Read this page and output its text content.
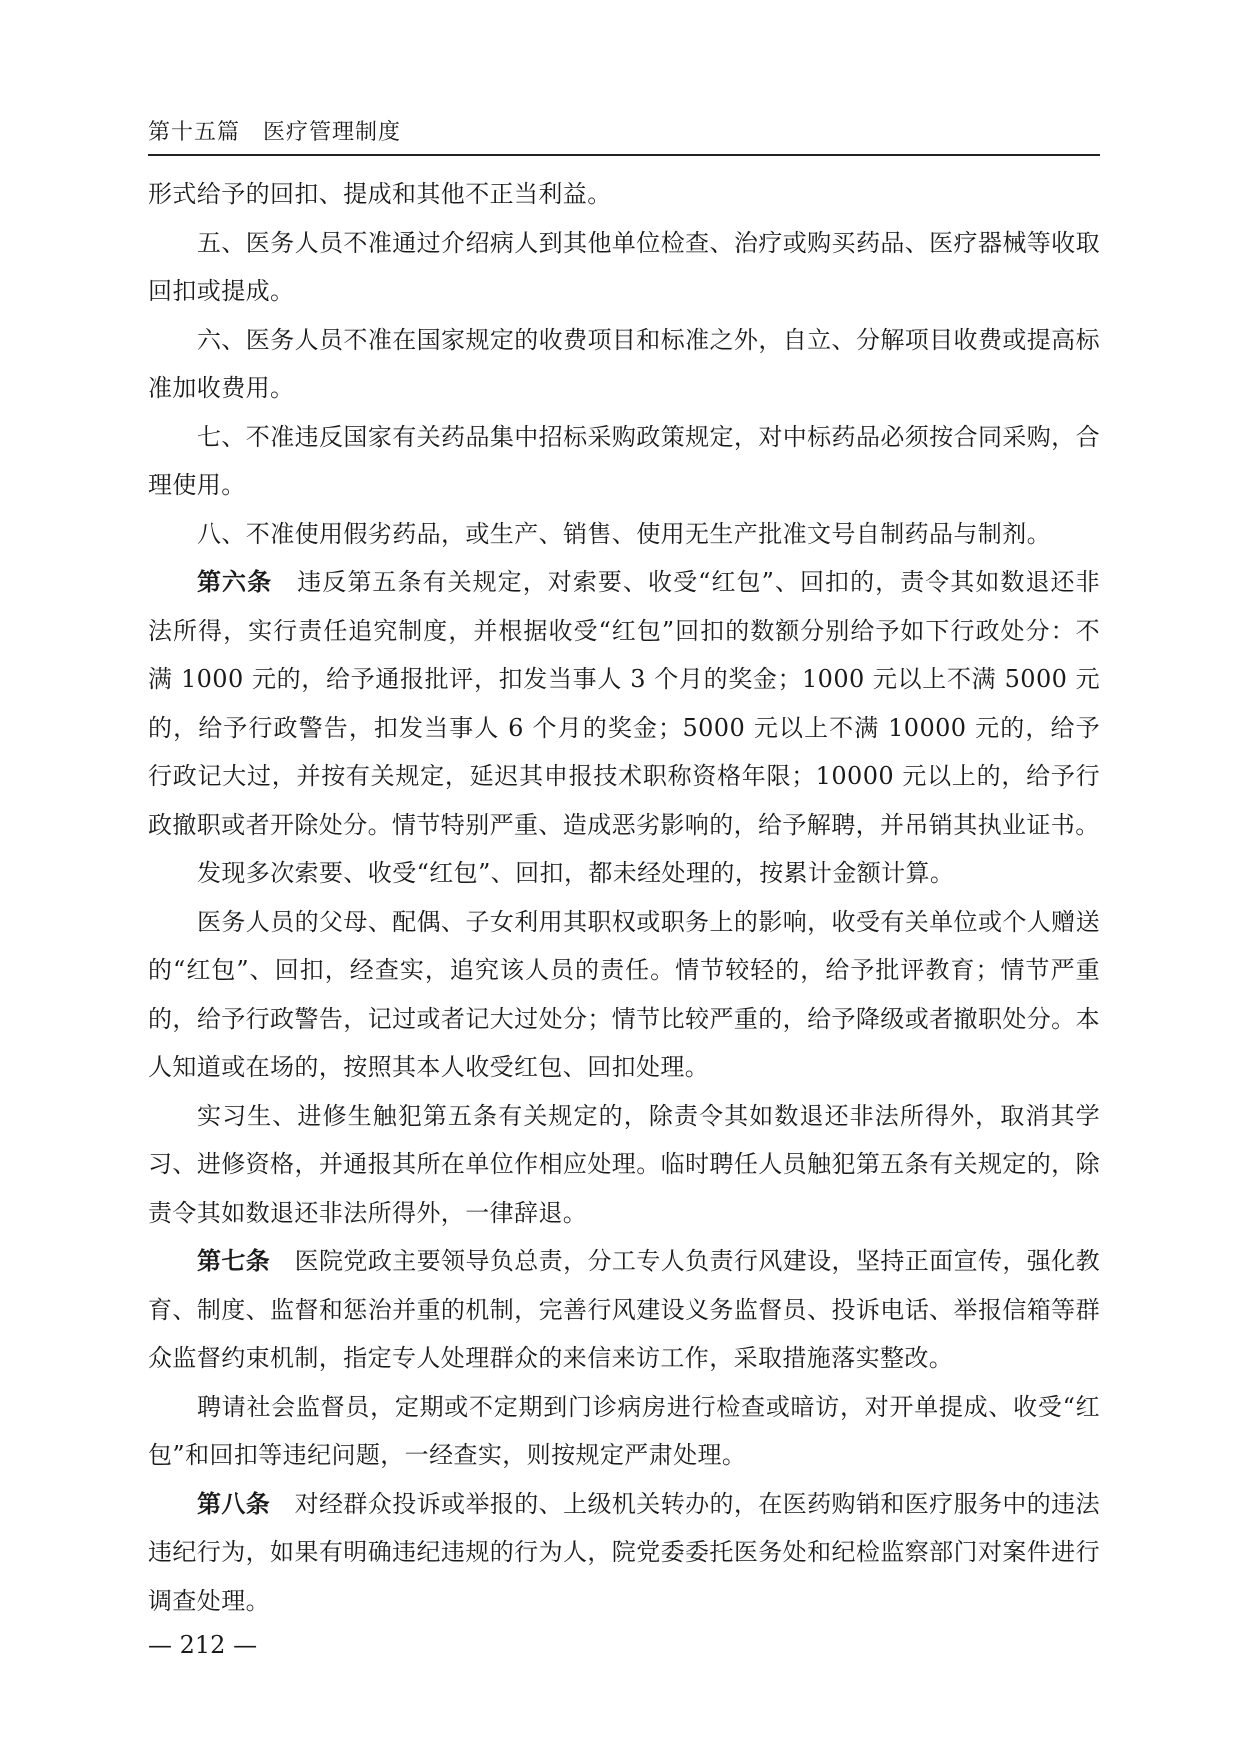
第十五篇　医疗管理制度

形式给予的回扣、提成和其他不正当利益。

五、医务人员不准通过介绍病人到其他单位检查、治疗或购买药品、医疗器械等收取回扣或提成。

六、医务人员不准在国家规定的收费项目和标准之外，自立、分解项目收费或提高标准加收费用。

七、不准违反国家有关药品集中招标采购政策规定，对中标药品必须按合同采购，合理使用。

八、不准使用假劣药品，或生产、销售、使用无生产批准文号自制药品与制剂。

第六条　 违反第五条有关规定，对索要、收受“红包”、回扣的，责令其如数退还非法所得，实行责任追究制度，并根据收受“红包”回扣的数额分别给予如下行政处分：不满 1000 元的，给予通报批评，扣发当事人 3 个月的奖金；1000 元以上不满 5000 元的，给予行政警告，扣发当事人 6 个月的奖金；5000 元以上不满 10000 元的，给予行政记大过，并按有关规定，延迟其申报技术职称资格年限；10000 元以上的，给予行政撤职或者开除处分。情节特别严重、造成恶劣影响的，给予解聘，并吊销其执业证书。

发现多次索要、收受“红包”、回扣，都未经处理的，按累计金额计算。

医务人员的父母、配偶、子女利用其职权或职务上的影响，收受有关单位或个人赠送的“红包”、回扣，经查实，追究该人员的责任。情节较轻的，给予批评教育；情节严重的，给予行政警告，记过或者记大过处分；情节比较严重的，给予降级或者撤职处分。本人知道或在场的，按照其本人收受红包、回扣处理。

实习生、进修生触犯第五条有关规定的，除责令其如数退还非法所得外，取消其学习、进修资格，并通报其所在单位作相应处理。临时聘任人员触犯第五条有关规定的，除责令其如数退还非法所得外，一律辞退。

第七条　 医院党政主要领导负总责，分工专人负责行风建设，坚持正面宣传，强化教育、制度、监督和惩治并重的机制，完善行风建设义务监督员、投诉电话、举报信箱等群众监督约束机制，指定专人处理群众的来信来访工作，采取措施落实整改。

聘请社会监督员，定期或不定期到门诊病房进行检查或暗访，对开单提成、收受“红包”和回扣等违纪问题，一经查实，则按规定严肃处理。

第八条　 对经群众投诉或举报的、上级机关转办的，在医药购销和医疗服务中的违法违纪行为，如果有明确违纪违规的行为人，院党委委托医务处和纪检监察部门对案件进行调查处理。

— 212 —
